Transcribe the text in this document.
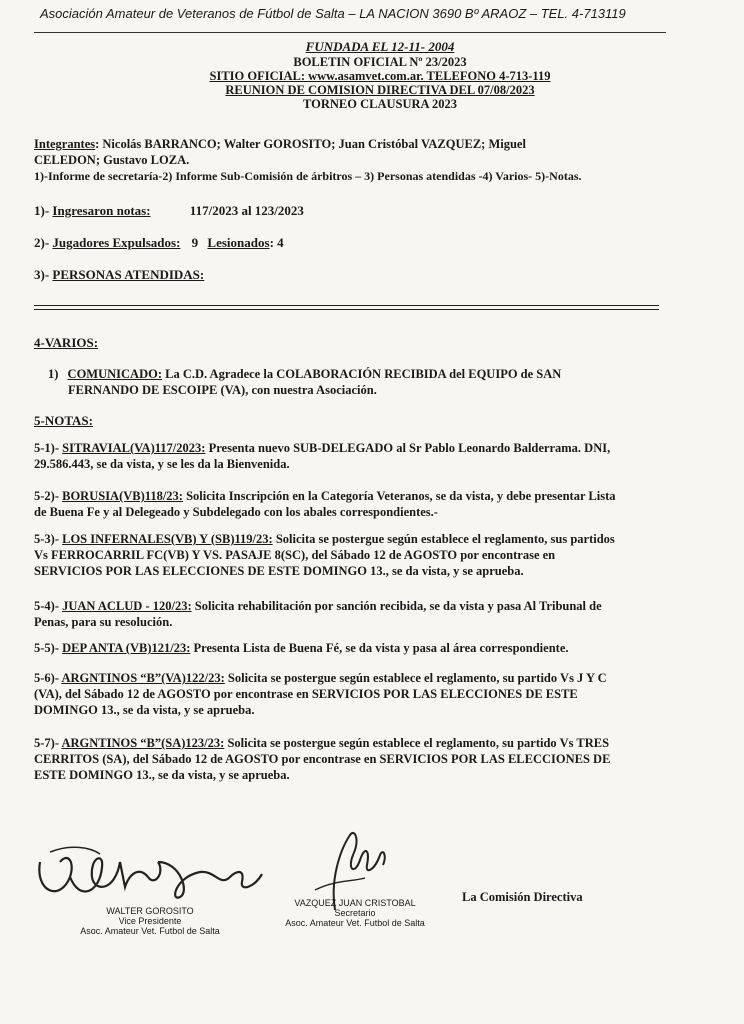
Asociación Amateur de Veteranos de Fútbol de Salta – LA NACION 3690 Bº ARAOZ – TEL. 4-713119
FUNDADA EL 12-11- 2004
BOLETIN OFICIAL Nº 23/2023
SITIO OFICIAL: www.asamvet.com.ar. TELEFONO 4-713-119
REUNION DE COMISION DIRECTIVA DEL 07/08/2023
TORNEO CLAUSURA 2023
Integrantes: Nicolás BARRANCO; Walter GOROSITO; Juan Cristóbal VAZQUEZ; Miguel
CELEDON; Gustavo LOZA.
1)-Informe de secretaría-2) Informe Sub-Comisión de árbitros – 3) Personas atendidas -4) Varios- 5)-Notas.
1)- Ingresaron notas:	117/2023 al 123/2023
2)- Jugadores Expulsados: 9 Lesionados: 4
3)- PERSONAS ATENDIDAS:
4-VARIOS:
1) COMUNICADO: La C.D. Agradece la COLABORACIÓN RECIBIDA del EQUIPO de SAN
FERNANDO DE ESCOIPE (VA), con nuestra Asociación.
5-NOTAS:
5-1)- SITRAVIAL(VA)117/2023: Presenta nuevo SUB-DELEGADO al Sr Pablo Leonardo Balderrama. DNI,
29.586.443, se da vista, y se les da la Bienvenida.
5-2)- BORUSIA(VB)118/23: Solicita Inscripción en la Categoría Veteranos, se da vista, y debe presentar Lista
de Buena Fe y al Delegeado y Subdelegado con los abales correspondientes.-
5-3)- LOS INFERNALES(VB) Y (SB)119/23: Solicita se postergue según establece el reglamento, sus partidos
Vs FERROCARRIL FC(VB) Y VS. PASAJE 8(SC), del Sábado 12 de AGOSTO por encontrase en
SERVICIOS POR LAS ELECCIONES DE ESTE DOMINGO 13., se da vista, y se aprueba.
5-4)- JUAN ACLUD - 120/23: Solicita rehabilitación por sanción recibida, se da vista y pasa Al Tribunal de
Penas, para su resolución.
5-5)- DEP ANTA (VB)121/23: Presenta Lista de Buena Fé, se da vista y pasa al área correspondiente.
5-6)- ARGNTINOS “B”(VA)122/23: Solicita se postergue según establece el reglamento, su partido Vs J Y C
(VA), del Sábado 12 de AGOSTO por encontrase en SERVICIOS POR LAS ELECCIONES DE ESTE
DOMINGO 13., se da vista, y se aprueba.
5-7)- ARGNTINOS “B”(SA)123/23: Solicita se postergue según establece el reglamento, su partido Vs TRES
CERRITOS (SA), del Sábado 12 de AGOSTO por encontrase en SERVICIOS POR LAS ELECCIONES DE
ESTE DOMINGO 13., se da vista, y se aprueba.
WALTER GOROSITO
Vice Presidente
Asoc. Amateur Vet. Futbol de Salta
VAZQUEZ JUAN CRISTOBAL
Secretario
Asoc. Amateur Vet. Futbol de Salta
La Comisión Directiva
